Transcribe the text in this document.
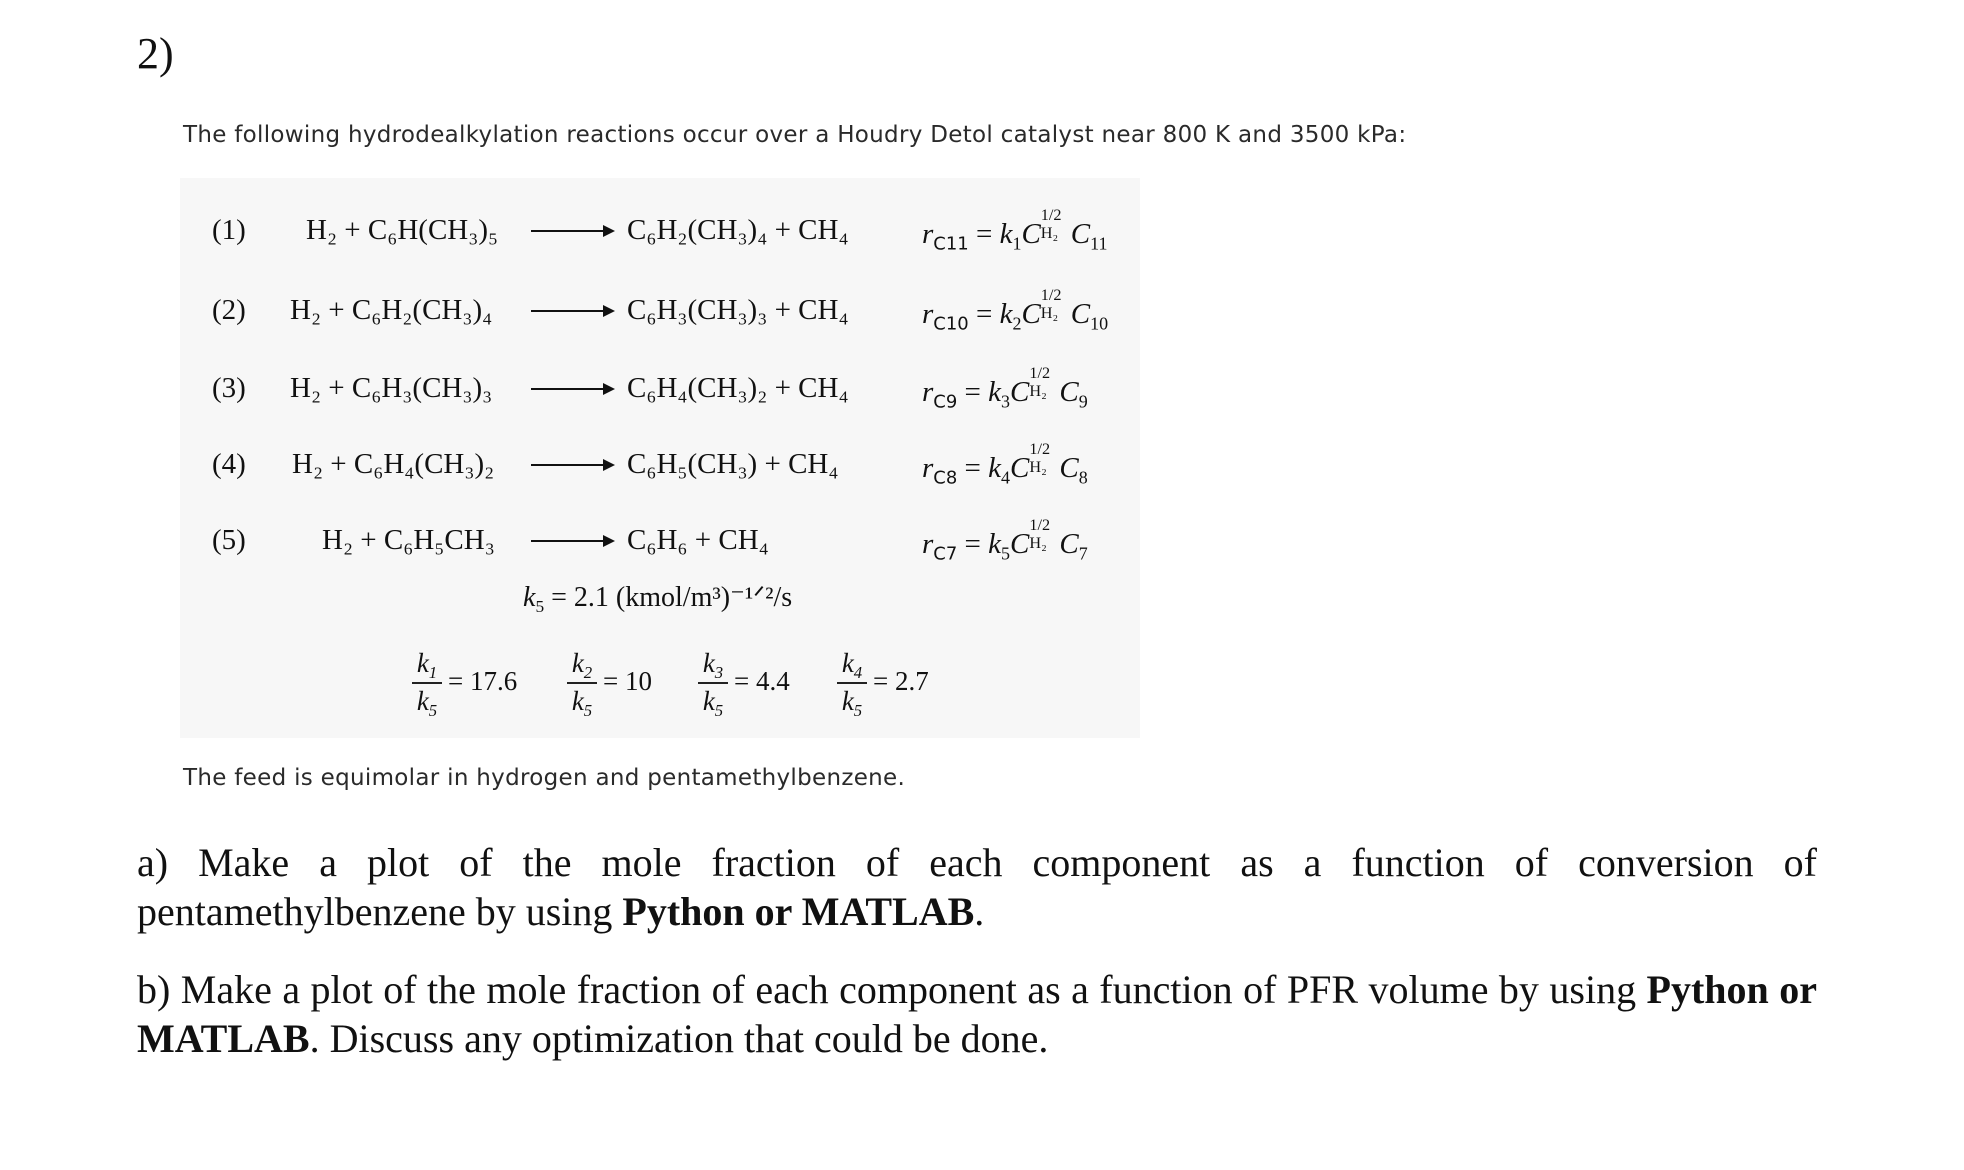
2)
The following hydrodealkylation reactions occur over a Houdry Detol catalyst near 800 K and 3500 kPa:
(1) H₂ + C₆H(CH₃)₅ → C₆H₂(CH₃)₄ + CH₄	$r_{C11} = k_1C$
1/2
H₂ $C_{11}$
(2) H₂ + C₆H₂(CH₃)₄ → C₆H₃(CH₃)₃ + CH₄	$r_{C10} = k_2C$
1/2
H₂ $C_{10}$
(3) H₂ + C₆H₃(CH₃)₃ → C₆H₄(CH₃)₂ + CH₄	$r_{C9} = k_3C$
1/2
H₂ $C_9$
(4) H₂ + C₆H₄(CH₃)₂ → C₆H₅(CH₃) + CH₄	$r_{C8} = k_4C$
1/2
H₂ $C_8$
(5)	H₂ + C₆H₅CH₃ → C₆H₆ + CH₄	$r_{C7} = k_5C$
1/2
H₂ $C_7$
$k_5 = 2.1$ (kmol/m³)⁻¹ᐟ²/s
$k_1$
$k_5$
= 17.6
$k_2$
$k_5$
= 10
$k_3$
$k_5$
= 4.4
$k_4$
$k_5$
= 2.7
The feed is equimolar in hydrogen and pentamethylbenzene.
a) Make a plot of the mole fraction of each component as a function of conversion of pentamethylbenzene by using Python or MATLAB.
b) Make a plot of the mole fraction of each component as a function of PFR volume by using Python or MATLAB. Discuss any optimization that could be done.
